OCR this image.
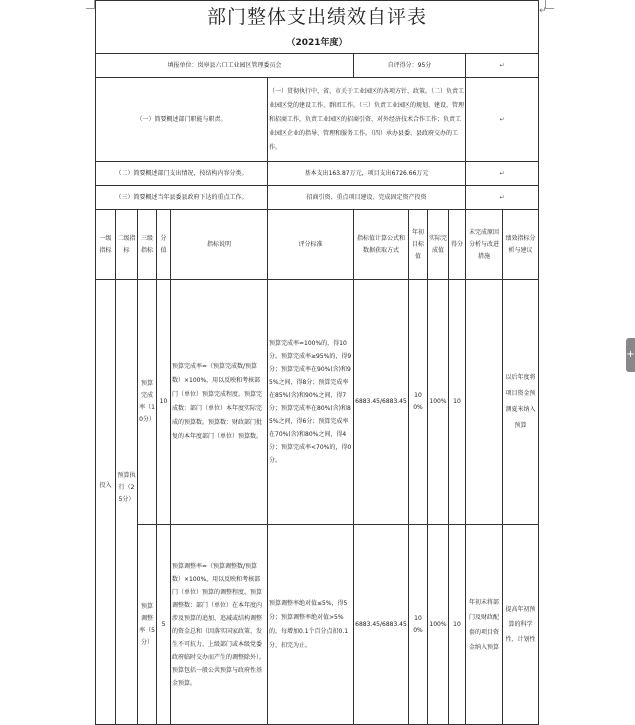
↵
+
部门整体支出绩效自评表											
（2021年度）											
填报单位：岚皋县六口工业园区管理委员会						自评得分：95分				↵	
（一）简要概述部门职能与职责。					（一）贯彻执行中、省、市关于工业园区的各项方针、政策。（二）负责工业园区党的建设工作、群团工作。（三）负责工业园区的规划、建设、管理和招商工作，负责工业园区的招商引资、对外经济技术合作工作；负责工业园区企业的指导、管理和服务工作。（四）承办县委、县政府交办的工作。					↵	
（二）简要概述部门支出情况，按结构内容分类。					基本支出163.87万元，项目支出6726.66万元					↵	
（三）简要概述当年县委县政府下达的重点工作。					招商引资、重点项目建设、完成固定资产投资					↵	
一级指标	二级指标	三级指标	分值	指标说明	评分标准	指标值计算公式和数据获取方式	年初目标值	实际完成值	得分	未完成原因分析与改进措施	绩效指标分析与建议
投入	预算执行（25分）	预算完成率（10分）	10	预算完成率=（预算完成数/预算数）×100%，用以反映和考核部门（单位）预算完成程度。预算完成数：部门（单位）本年度实际完成的预算数。预算数：财政部门批复的本年度部门（单位）预算数。	预算完成率=100%的，得10分。预算完成率≥95%的，得9分；预算完成率在90%(含)和95%之间，得8分；预算完成率在85%(含)和90%之间，得7分；预算完成率在80%(含)和85%之间，得6分；预算完成率在70%(含)和80%之间，得4分；预算完成率<70%的，得0分。	6883.45/6883.45	100%	100%	10		以后年度将项目资金预测夏米纳入预算
		预算调整率（5分）	5	预算调整率=（预算调整数/预算数）×100%，用以反映和考核部门（单位）预算的调整程度。预算调整数：部门（单位）在本年度内涉及预算的追加、追减或结构调整的资金总和（因落实国家政策、发生不可抗力、上级部门或本级党委政府临时交办而产生的调整除外）。预算包括一般公共预算与政府性基金预算。	预算调整率绝对值≤5%，得5分；预算调整率绝对值>5%的，每增加0.1个百分点扣0.1分，扣完为止。	6883.45/6883.45	100%	100%	10	年初未将部门及财政配套的项目资金纳入预算	提高年初预算的科学性、计划性
